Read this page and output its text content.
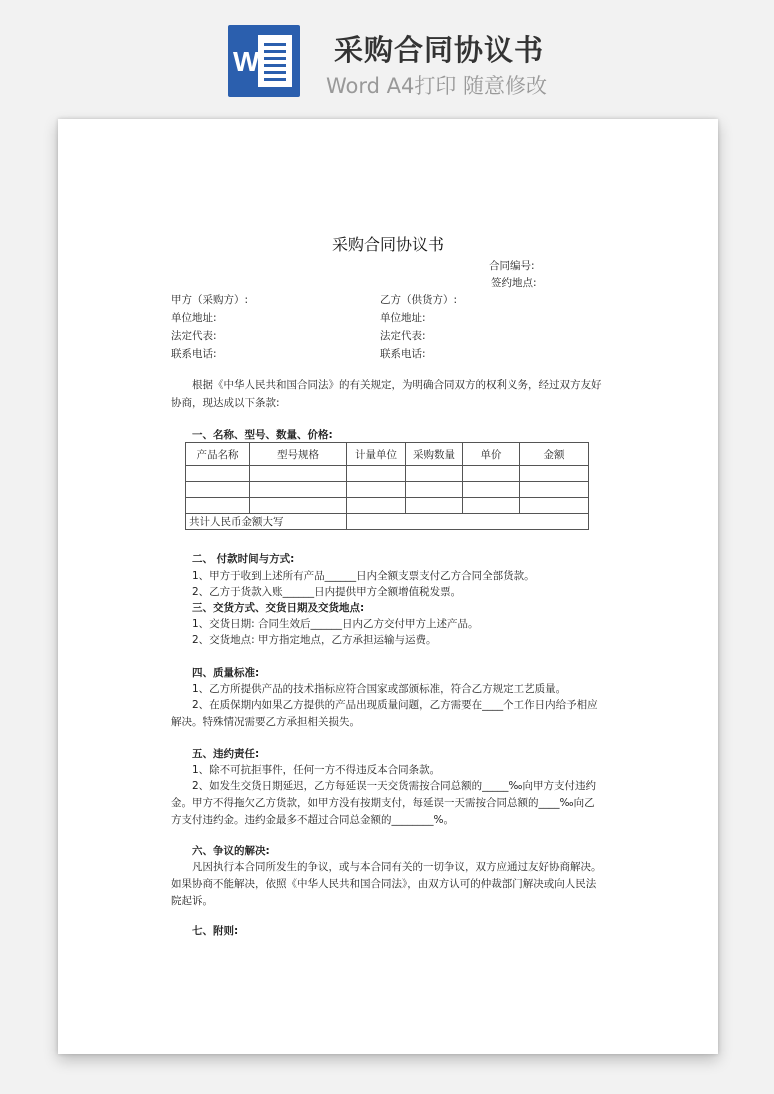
W	采购合同协议书
Word A4打印 随意修改
采购合同协议书
合同编号:
签约地点:
甲方（采购方）:
单位地址:
法定代表:
联系电话:
乙方（供货方）:
单位地址:
法定代表:
联系电话:
根据《中华人民共和国合同法》的有关规定，为明确合同双方的权利义务，经过双方友好协商，现达成以下条款:
一、名称、型号、数量、价格:
产品名称	型号规格	计量单位	采购数量	单价	金额

共计人民币金额大写					
二、 付款时间与方式:
1、甲方于收到上述所有产品______日内全额支票支付乙方合同全部货款。
2、乙方于货款入账______日内提供甲方全额增值税发票。
三、交货方式、交货日期及交货地点:
1、交货日期: 合同生效后______日内乙方交付甲方上述产品。
2、交货地点: 甲方指定地点，乙方承担运输与运费。
四、质量标准:
1、乙方所提供产品的技术指标应符合国家或部颁标准，符合乙方规定工艺质量。
2、在质保期内如果乙方提供的产品出现质量问题，乙方需要在____个工作日内给予相应解决。特殊情况需要乙方承担相关损失。
五、违约责任:
1、除不可抗拒事件，任何一方不得违反本合同条款。
2、如发生交货日期延迟，乙方每延误一天交货需按合同总额的_____‰向甲方支付违约金。甲方不得拖欠乙方货款，如甲方没有按期支付，每延误一天需按合同总额的____‰向乙方支付违约金。违约金最多不超过合同总金额的________%。
六、争议的解决:
凡因执行本合同所发生的争议，或与本合同有关的一切争议，双方应通过友好协商解决。如果协商不能解决，依照《中华人民共和国合同法》，由双方认可的仲裁部门解决或向人民法院起诉。
七、附则:
